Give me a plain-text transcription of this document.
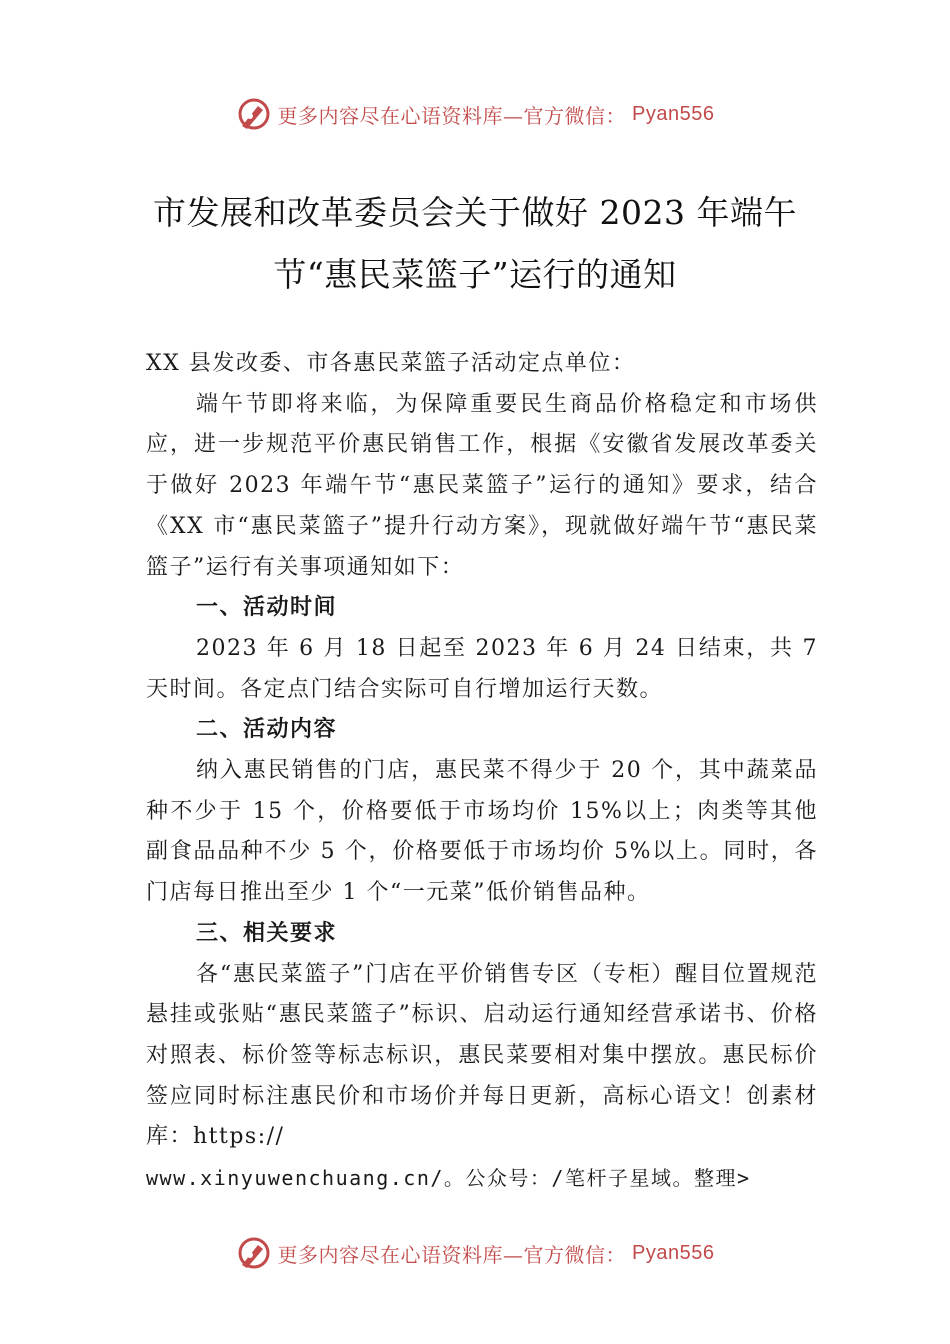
更多内容尽在心语资料库—官方微信： Pyan556
市发展和改革委员会关于做好 2023 年端午
节“惠民菜篮子”运行的通知

XX 县发改委、市各惠民菜篮子活动定点单位：

端午节即将来临，为保障重要民生商品价格稳定和市场供应，进一步规范平价惠民销售工作，根据《安徽省发展改革委关于做好 2023 年端午节“惠民菜篮子”运行的通知》要求，结合《XX 市“惠民菜篮子”提升行动方案》，现就做好端午节“惠民菜篮子”运行有关事项通知如下：

一、活动时间

2023 年 6 月 18 日起至 2023 年 6 月 24 日结束，共 7 天时间。各定点门结合实际可自行增加运行天数。

二、活动内容

纳入惠民销售的门店，惠民菜不得少于 20 个，其中蔬菜品种不少于 15 个，价格要低于市场均价 15%以上；肉类等其他副食品品种不少 5 个，价格要低于市场均价 5%以上。同时，各门店每日推出至少 1 个“一元菜”低价销售品种。

三、相关要求

各“惠民菜篮子”门店在平价销售专区（专柜）醒目位置规范悬挂或张贴“惠民菜篮子”标识、启动运行通知经营承诺书、价格对照表、标价签等标志标识，惠民菜要相对集中摆放。惠民标价签应同时标注惠民价和市场价并每日更新，高标心语文！创素材库：https://

www.xinyuwenchuang.cn/。公众号：/笔杆子星域。整理>

更多内容尽在心语资料库—官方微信： Pyan556
